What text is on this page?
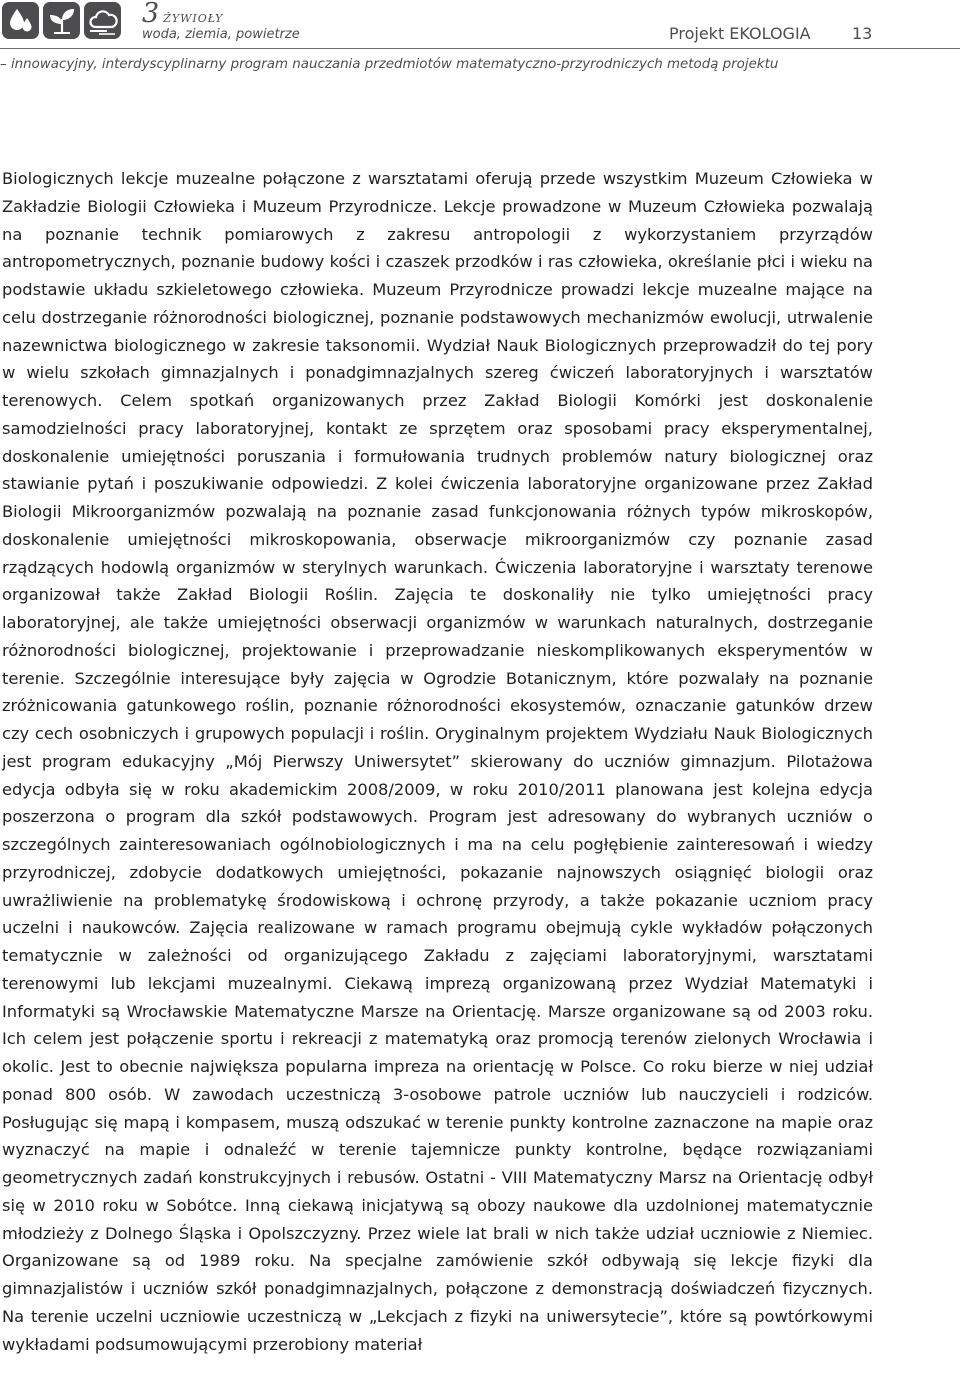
3 żywioły
woda, ziemia, powietrze	Projekt EKOLOGIA	13
– innowacyjny, interdyscyplinarny program nauczania przedmiotów matematyczno-przyrodniczych metodą projektu

Biologicznych lekcje muzealne połączone z warsztatami oferują przede wszystkim Muzeum Człowieka w Zakładzie Biologii Człowieka i Muzeum Przyrodnicze. Lekcje prowadzone w Muzeum Człowieka pozwalają na poznanie technik pomiarowych z zakresu antropologii z wykorzystaniem przyrządów antropometrycznych, poznanie budowy kości i czaszek przodków i ras człowieka, określanie płci i wieku na podstawie układu szkieletowego człowieka. Muzeum Przyrodnicze prowadzi lekcje muzealne mające na celu dostrzeganie różnorodności biologicznej, poznanie podstawowych mechanizmów ewolucji, utrwalenie nazewnictwa biologicznego w zakresie taksonomii. Wydział Nauk Biologicznych przeprowadził do tej pory w wielu szkołach gimnazjalnych i ponadgimnazjalnych szereg ćwiczeń laboratoryjnych i warsztatów terenowych. Celem spotkań organizowanych przez Zakład Biologii Komórki jest doskonalenie samodzielności pracy laboratoryjnej, kontakt ze sprzętem oraz sposobami pracy eksperymentalnej, doskonalenie umiejętności poruszania i formułowania trudnych problemów natury biologicznej oraz stawianie pytań i poszukiwanie odpowiedzi. Z kolei ćwiczenia laboratoryjne organizowane przez Zakład Biologii Mikroorganizmów pozwalają na poznanie zasad funkcjonowania różnych typów mikroskopów, doskonalenie umiejętności mikroskopowania, obserwacje mikroorganizmów czy poznanie zasad rządzących hodowlą organizmów w sterylnych warunkach. Ćwiczenia laboratoryjne i warsztaty terenowe organizował także Zakład Biologii Roślin. Zajęcia te doskonaliły nie tylko umiejętności pracy laboratoryjnej, ale także umiejętności obserwacji organizmów w warunkach naturalnych, dostrzeganie różnorodności biologicznej, projektowanie i przeprowadzanie nieskomplikowanych eksperymentów w terenie. Szczególnie interesujące były zajęcia w Ogrodzie Botanicznym, które pozwalały na poznanie zróżnicowania gatunkowego roślin, poznanie różnorodności ekosystemów, oznaczanie gatunków drzew czy cech osobniczych i grupowych populacji i roślin. Oryginalnym projektem Wydziału Nauk Biologicznych jest program edukacyjny „Mój Pierwszy Uniwersytet” skierowany do uczniów gimnazjum. Pilotażowa edycja odbyła się w roku akademickim 2008/2009, w roku 2010/2011 planowana jest kolejna edycja poszerzona o program dla szkół podstawowych. Program jest adresowany do wybranych uczniów o szczególnych zainteresowaniach ogólnobiologicznych i ma na celu pogłębienie zainteresowań i wiedzy przyrodniczej, zdobycie dodatkowych umiejętności, pokazanie najnowszych osiągnięć biologii oraz uwrażliwienie na problematykę środowiskową i ochronę przyrody, a także pokazanie uczniom pracy uczelni i naukowców. Zajęcia realizowane w ramach programu obejmują cykle wykładów połączonych tematycznie w zależności od organizującego Zakładu z zajęciami laboratoryjnymi, warsztatami terenowymi lub lekcjami muzealnymi. Ciekawą imprezą organizowaną przez Wydział Matematyki i Informatyki są Wrocławskie Matematyczne Marsze na Orientację. Marsze organizowane są od 2003 roku. Ich celem jest połączenie sportu i rekreacji z matematyką oraz promocją terenów zielonych Wrocławia i okolic. Jest to obecnie największa popularna impreza na orientację w Polsce. Co roku bierze w niej udział ponad 800 osób. W zawodach uczestniczą 3-osobowe patrole uczniów lub nauczycieli i rodziców. Posługując się mapą i kompasem, muszą odszukać w terenie punkty kontrolne zaznaczone na mapie oraz wyznaczyć na mapie i odnaleźć w terenie tajemnicze punkty kontrolne, będące rozwiązaniami geometrycznych zadań konstrukcyjnych i rebusów. Ostatni - VIII Matematyczny Marsz na Orientację odbył się w 2010 roku w Sobótce. Inną ciekawą inicjatywą są obozy naukowe dla uzdolnionej matematycznie młodzieży z Dolnego Śląska i Opolszczyzny. Przez wiele lat brali w nich także udział uczniowie z Niemiec. Organizowane są od 1989 roku. Na specjalne zamówienie szkół odbywają się lekcje fizyki dla gimnazjalistów i uczniów szkół ponadgimnazjalnych, połączone z demonstracją doświadczeń fizycznych. Na terenie uczelni uczniowie uczestniczą w „Lekcjach z fizyki na uniwersytecie”, które są powtórkowymi wykładami podsumowującymi przerobiony materiał
